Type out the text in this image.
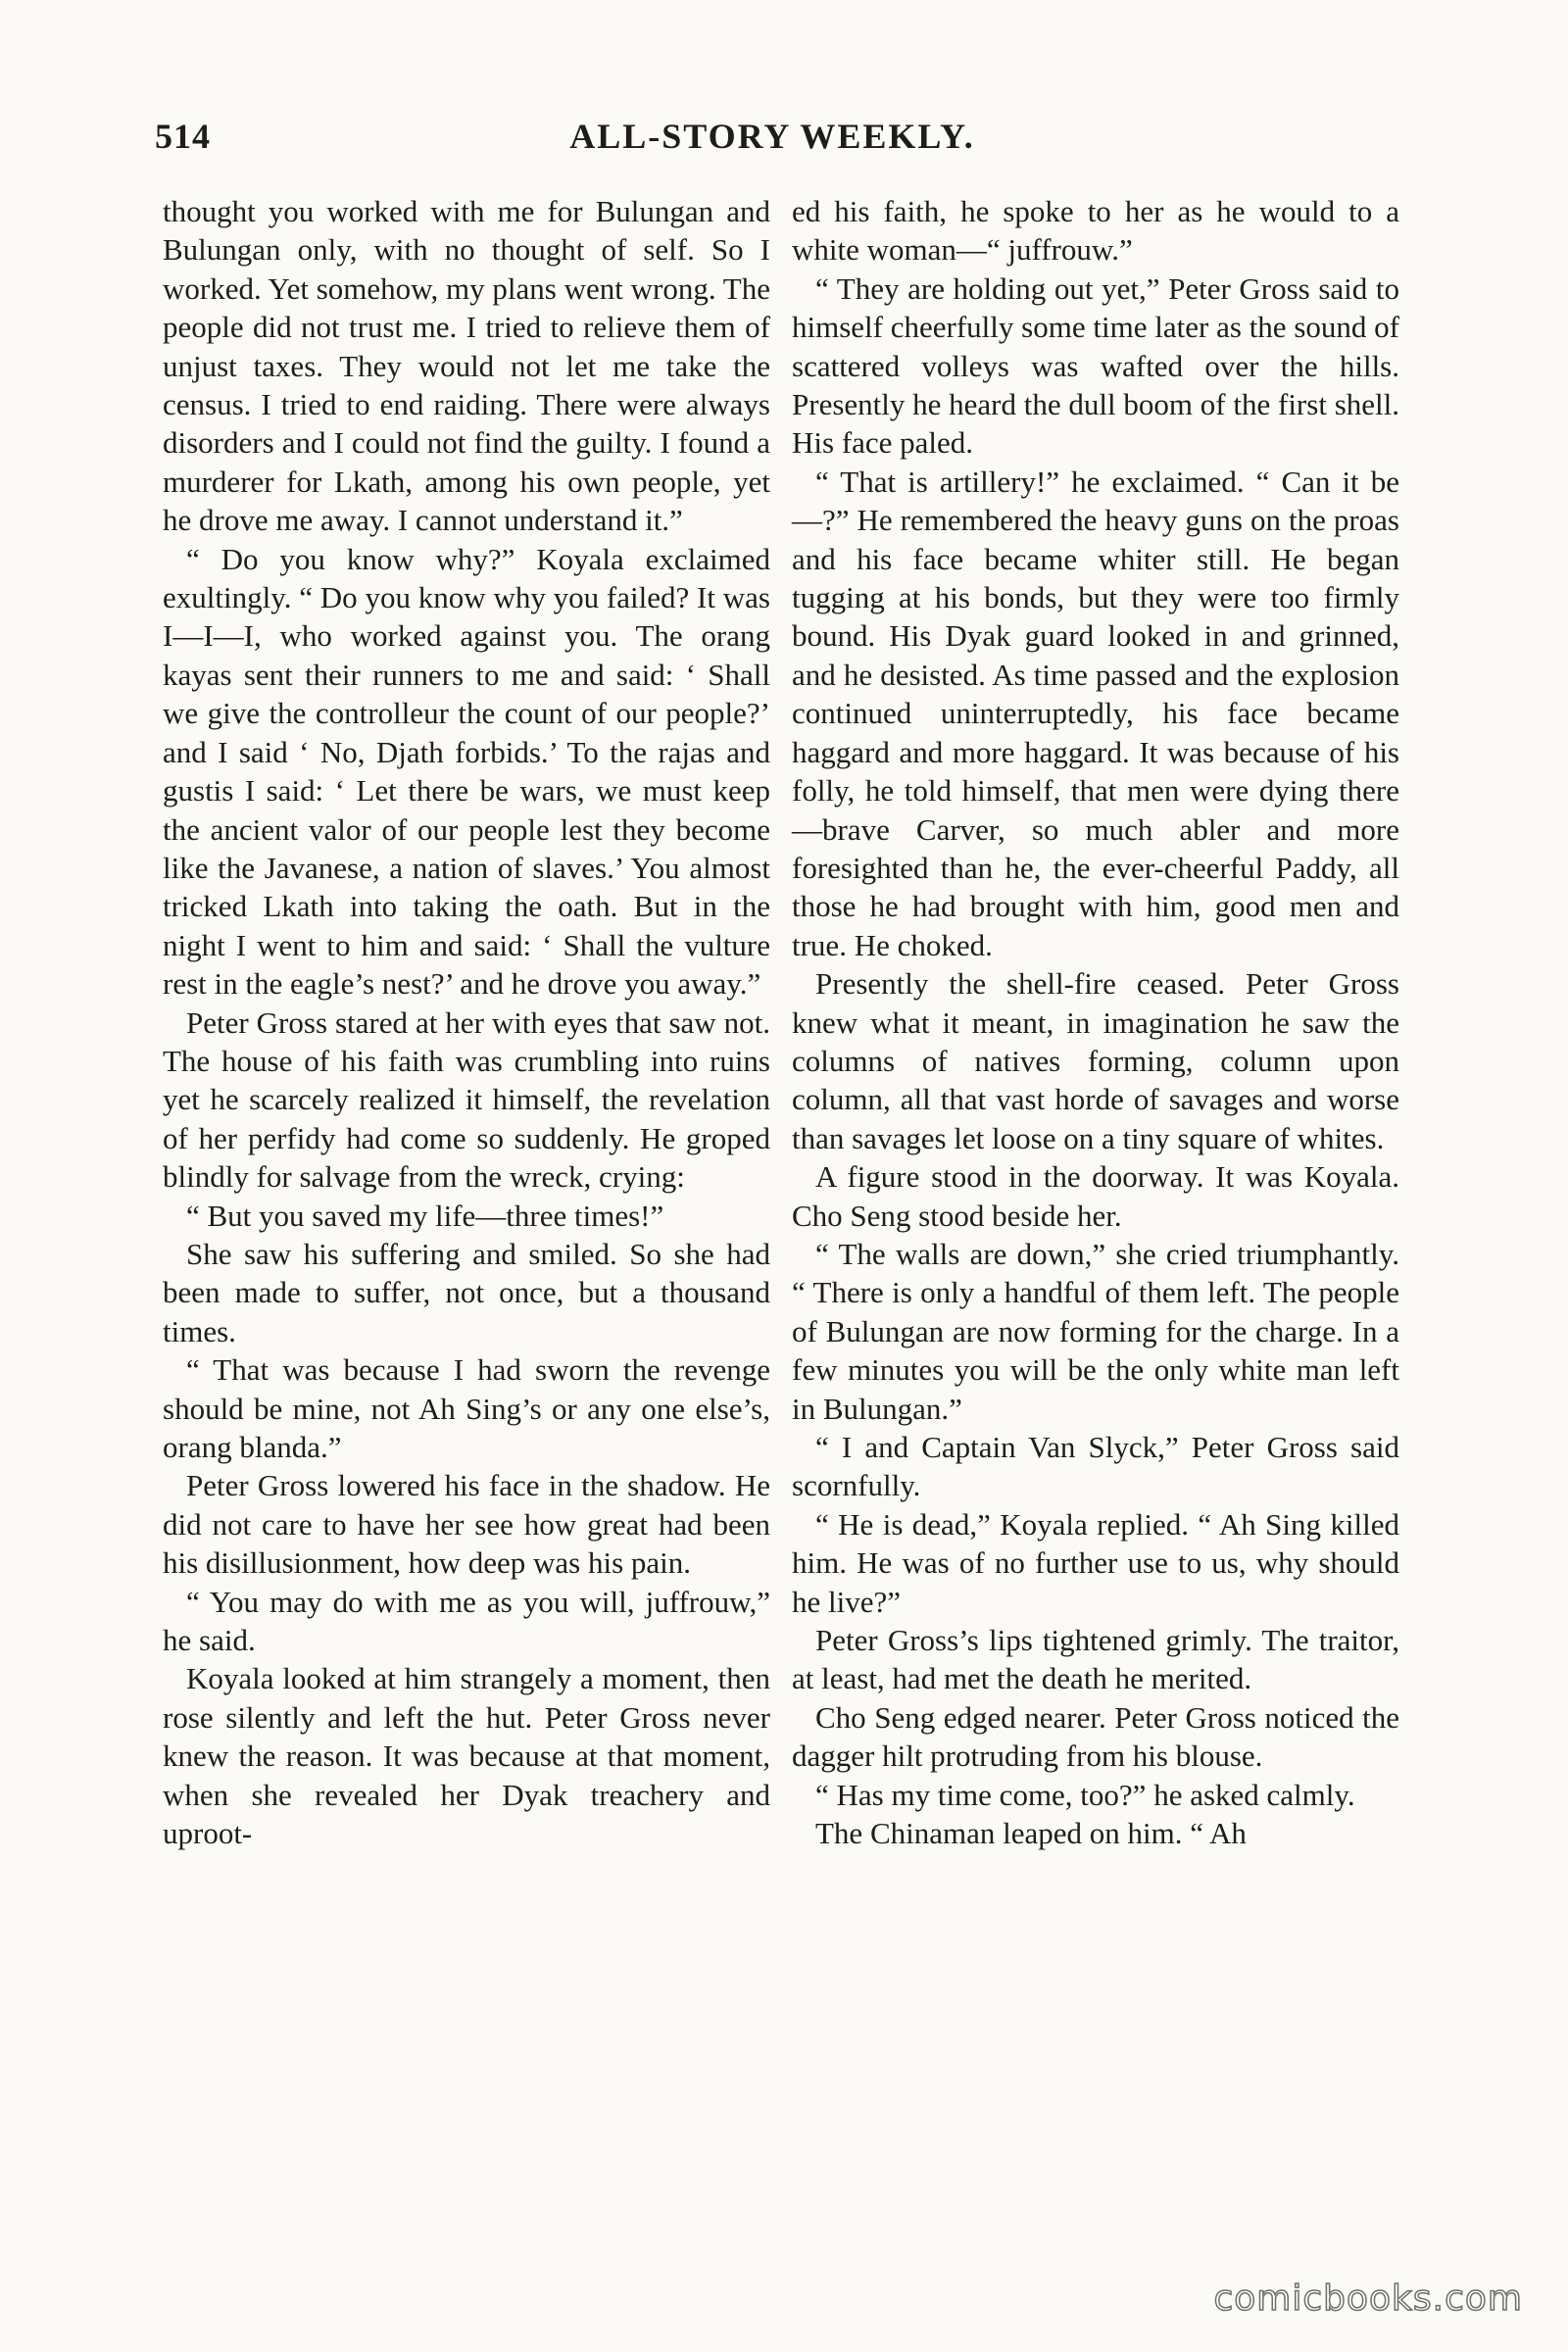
514	ALL-STORY WEEKLY.

thought you worked with me for Bulungan and Bulungan only, with no thought of self. So I worked. Yet somehow, my plans went wrong. The people did not trust me. I tried to relieve them of unjust taxes. They would not let me take the census. I tried to end raiding. There were always disorders and I could not find the guilty. I found a murderer for Lkath, among his own people, yet he drove me away. I cannot understand it.”

“ Do you know why?” Koyala exclaimed exultingly. “ Do you know why you failed? It was I—I—I, who worked against you. The orang kayas sent their runners to me and said: ‘ Shall we give the controlleur the count of our people?’ and I said ‘ No, Djath forbids.’ To the rajas and gustis I said: ‘ Let there be wars, we must keep the ancient valor of our people lest they become like the Javanese, a nation of slaves.’ You almost tricked Lkath into taking the oath. But in the night I went to him and said: ‘ Shall the vulture rest in the eagle’s nest?’ and he drove you away.”

Peter Gross stared at her with eyes that saw not. The house of his faith was crumbling into ruins yet he scarcely realized it himself, the revelation of her perfidy had come so suddenly. He groped blindly for salvage from the wreck, crying:

“ But you saved my life—three times!”

She saw his suffering and smiled. So she had been made to suffer, not once, but a thousand times.

“ That was because I had sworn the revenge should be mine, not Ah Sing’s or any one else’s, orang blanda.”

Peter Gross lowered his face in the shadow. He did not care to have her see how great had been his disillusionment, how deep was his pain.

“ You may do with me as you will, juffrouw,” he said.

Koyala looked at him strangely a moment, then rose silently and left the hut. Peter Gross never knew the reason. It was because at that moment, when she revealed her Dyak treachery and uproot-

ed his faith, he spoke to her as he would to a white woman—“ juffrouw.”

“ They are holding out yet,” Peter Gross said to himself cheerfully some time later as the sound of scattered volleys was wafted over the hills. Presently he heard the dull boom of the first shell. His face paled.

“ That is artillery!” he exclaimed. “ Can it be—?” He remembered the heavy guns on the proas and his face became whiter still. He began tugging at his bonds, but they were too firmly bound. His Dyak guard looked in and grinned, and he desisted. As time passed and the explosion continued uninterruptedly, his face became haggard and more haggard. It was because of his folly, he told himself, that men were dying there—brave Carver, so much abler and more foresighted than he, the ever-cheerful Paddy, all those he had brought with him, good men and true. He choked.

Presently the shell-fire ceased. Peter Gross knew what it meant, in imagination he saw the columns of natives forming, column upon column, all that vast horde of savages and worse than savages let loose on a tiny square of whites.

A figure stood in the doorway. It was Koyala. Cho Seng stood beside her.

“ The walls are down,” she cried triumphantly. “ There is only a handful of them left. The people of Bulungan are now forming for the charge. In a few minutes you will be the only white man left in Bulungan.”

“ I and Captain Van Slyck,” Peter Gross said scornfully.

“ He is dead,” Koyala replied. “ Ah Sing killed him. He was of no further use to us, why should he live?”

Peter Gross’s lips tightened grimly. The traitor, at least, had met the death he merited.

Cho Seng edged nearer. Peter Gross noticed the dagger hilt protruding from his blouse.

“ Has my time come, too?” he asked calmly.

The Chinaman leaped on him. “ Ah

comicbooks.com
